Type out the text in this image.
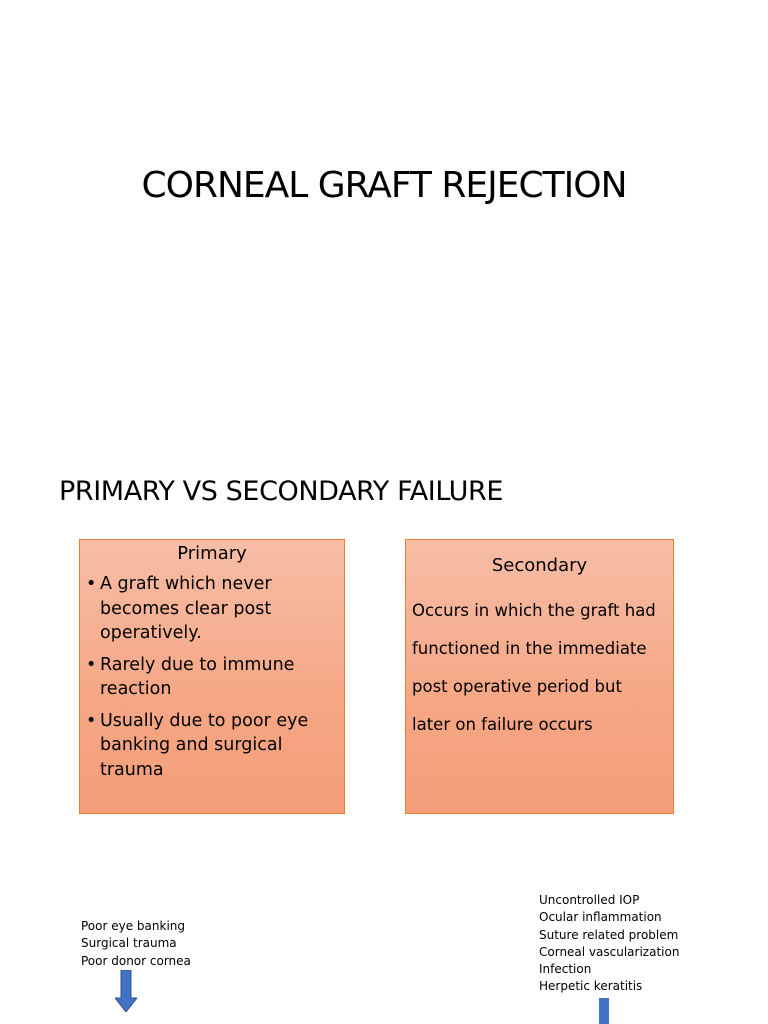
CORNEAL GRAFT REJECTION
PRIMARY VS SECONDARY FAILURE
Primary
• A graft which never becomes clear post operatively.
• Rarely due to immune reaction
• Usually due to poor eye banking and surgical trauma
Secondary
Occurs in which the graft had
functioned in the immediate
post operative period but
later on failure occurs
Poor eye banking
Surgical trauma
Poor donor cornea
Uncontrolled IOP
Ocular inflammation
Suture related problem
Corneal vascularization
Infection
Herpetic keratitis
